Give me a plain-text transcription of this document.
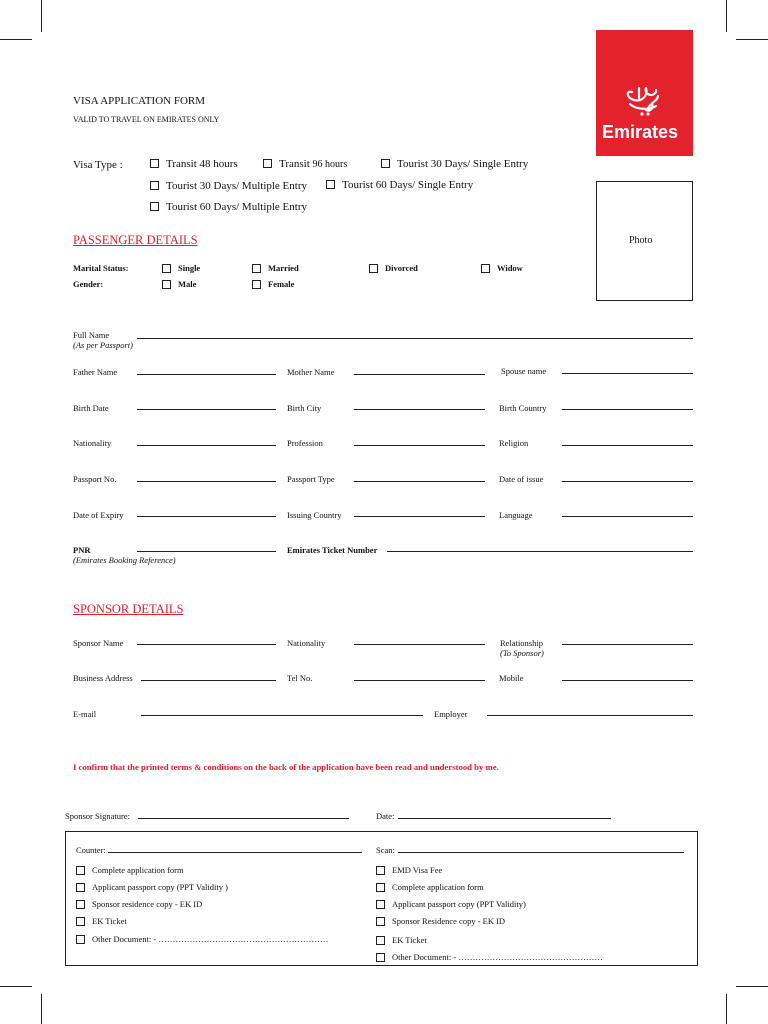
VISA APPLICATION FORM
VALID TO TRAVEL ON EMIRATES ONLY
Emirates
Visa Type :	Transit 48 hours	Transit 96 hours	Tourist 30 Days/ Single Entry
Tourist 30 Days/ Multiple Entry	Tourist 60 Days/ Single Entry
Tourist 60 Days/ Multiple Entry
Photo
PASSENGER DETAILS
Marital Status:	Single	Married	Divorced	Widow
Gender:	Male	Female
Full Name
(As per Passport)
Father Name	Mother Name	Spouse name
Birth Date	Birth City	Birth Country
Nationality	Profession	Religion
Passport No.	Passport Type	Date of issue
Date of Expiry	Issuing Country	Language
PNR
(Emirates Booking Reference)
Emirates Ticket Number
SPONSOR DETAILS
Sponsor Name	Nationality	Relationship
(To Sponsor)
Business Address	Tel No.	Mobile
E-mail	Employer
I confirm that the printed terms & conditions on the back of the application have been read and understood by me.
Sponsor Signature:	Date:
Counter:	Scan:
Complete application form
Applicant passport copy (PPT Validity )
Sponsor residence copy - EK ID
EK Ticket
Other Document: - ……………………………………………………
EMD Visa Fee
Complete application form
Applicant passport copy (PPT Validity)
Sponsor Residence copy - EK ID
EK Ticket
Other Document: - ……………………………………………
